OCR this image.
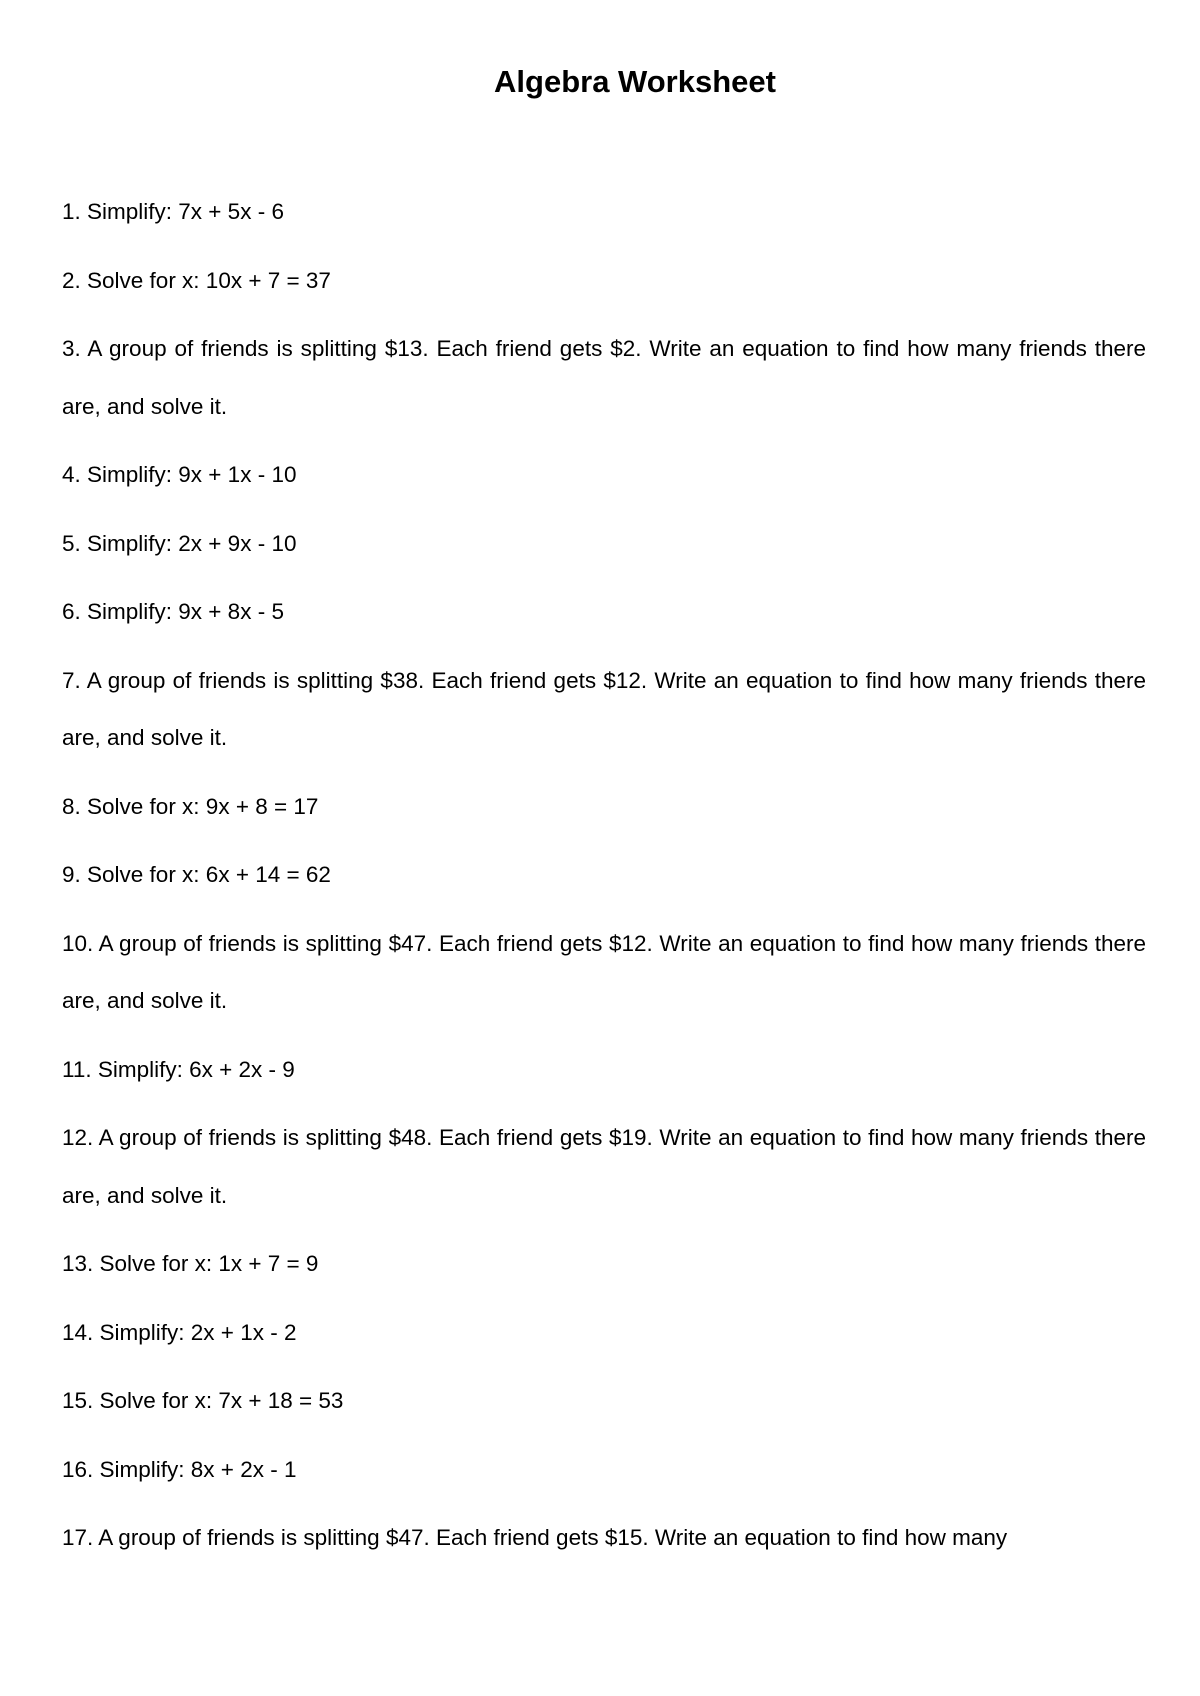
Algebra Worksheet
1. Simplify: 7x + 5x - 6
2. Solve for x: 10x + 7 = 37
3. A group of friends is splitting $13. Each friend gets $2. Write an equation to find how many friends there are, and solve it.
4. Simplify: 9x + 1x - 10
5. Simplify: 2x + 9x - 10
6. Simplify: 9x + 8x - 5
7. A group of friends is splitting $38. Each friend gets $12. Write an equation to find how many friends there are, and solve it.
8. Solve for x: 9x + 8 = 17
9. Solve for x: 6x + 14 = 62
10. A group of friends is splitting $47. Each friend gets $12. Write an equation to find how many friends there are, and solve it.
11. Simplify: 6x + 2x - 9
12. A group of friends is splitting $48. Each friend gets $19. Write an equation to find how many friends there are, and solve it.
13. Solve for x: 1x + 7 = 9
14. Simplify: 2x + 1x - 2
15. Solve for x: 7x + 18 = 53
16. Simplify: 8x + 2x - 1
17. A group of friends is splitting $47. Each friend gets $15. Write an equation to find how many
